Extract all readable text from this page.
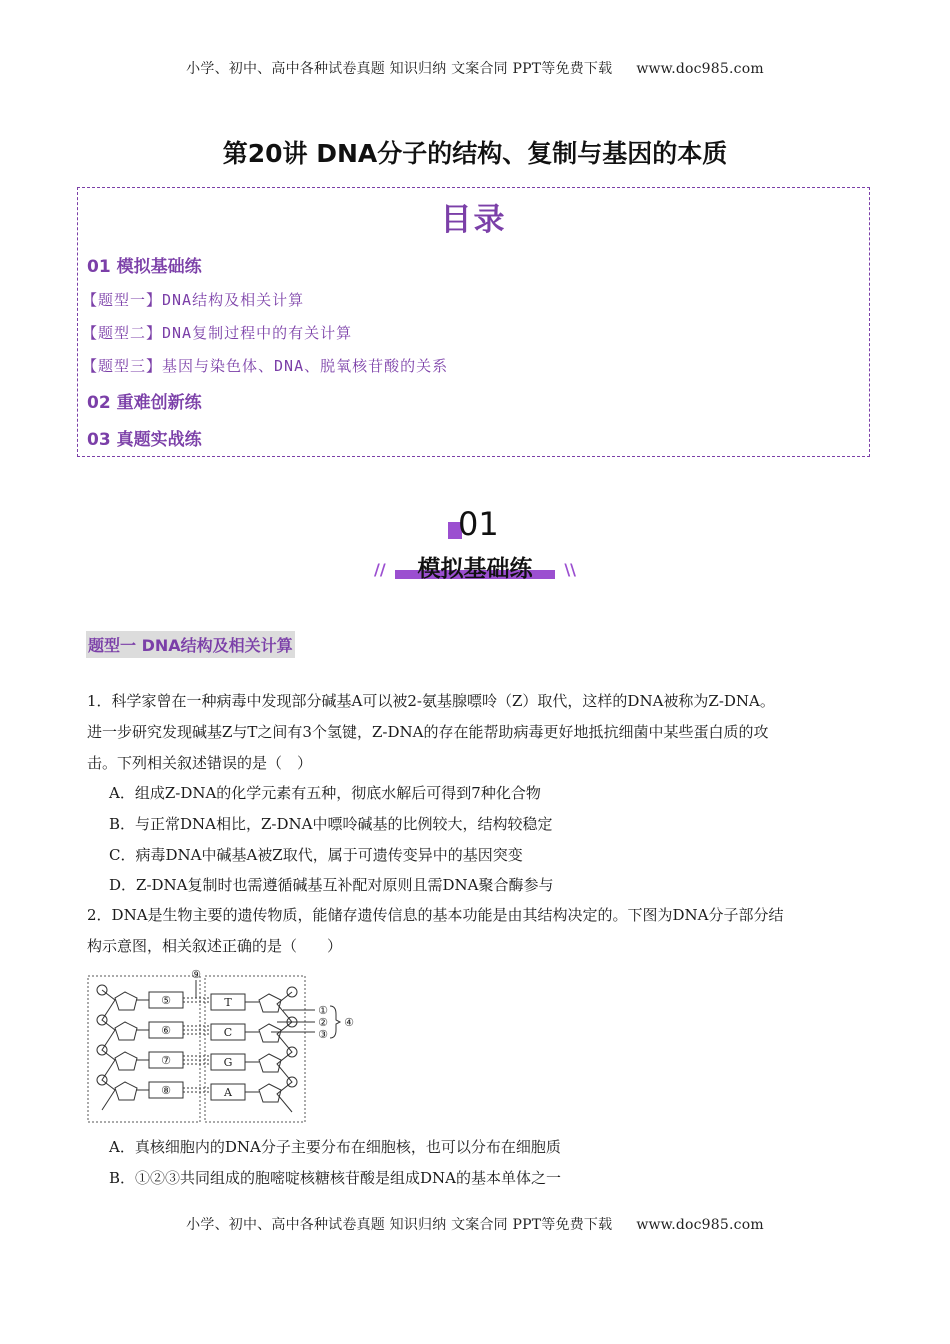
小学、初中、高中各种试卷真题 知识归纳 文案合同 PPT等免费下载 www.doc985.com
第20讲 DNA分子的结构、复制与基因的本质
目录
01 模拟基础练
【题型一】DNA结构及相关计算
【题型二】DNA复制过程中的有关计算
【题型三】基因与染色体、DNA、脱氧核苷酸的关系
02 重难创新练
03 真题实战练
01
模拟基础练
//	\\
题型一 DNA结构及相关计算
1．科学家曾在一种病毒中发现部分碱基A可以被2-氨基腺嘌呤（Z）取代，这样的DNA被称为Z-DNA。
进一步研究发现碱基Z与T之间有3个氢键，Z-DNA的存在能帮助病毒更好地抵抗细菌中某些蛋白质的攻
击。下列相关叙述错误的是（　）
A．组成Z-DNA的化学元素有五种，彻底水解后可得到7种化合物
B．与正常DNA相比，Z-DNA中嘌呤碱基的比例较大，结构较稳定
C．病毒DNA中碱基A被Z取代，属于可遗传变异中的基因突变
D．Z-DNA复制时也需遵循碱基互补配对原则且需DNA聚合酶参与
2．DNA是生物主要的遗传物质，能储存遗传信息的基本功能是由其结构决定的。下图为DNA分子部分结
构示意图，相关叙述正确的是（　　）
⑤
⑥
⑦
⑧
T
C
G
A
⑨
①
②
③
④
A．真核细胞内的DNA分子主要分布在细胞核，也可以分布在细胞质
B．①②③共同组成的胞嘧啶核糖核苷酸是组成DNA的基本单体之一
小学、初中、高中各种试卷真题 知识归纳 文案合同 PPT等免费下载 www.doc985.com
